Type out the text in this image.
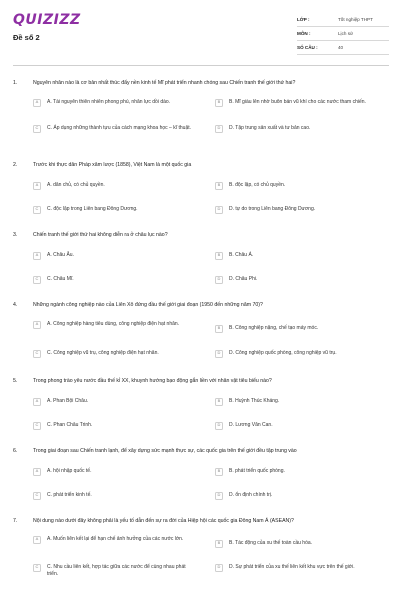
QUIZIZZ
Đề số 2
LỚP :	Tốt nghiệp THPT
MÔN :	Lịch sử
SỐ CÂU :	40
1.	Nguyên nhân nào là cơ bản nhất thúc đẩy nền kinh tế Mĩ phát triển nhanh chóng sau Chiến tranh thế giới thứ hai?
A	A. Tài nguyên thiên nhiên phong phú, nhân lực dồi dào.	B	B. Mĩ giàu lên nhờ buôn bán vũ khí cho các nước tham chiến.
C	C. Áp dụng những thành tựu của cách mạng khoa học – kĩ thuật.	D	D. Tập trung sản xuất và tư bản cao.
2.	Trước khi thực dân Pháp xâm lược (1858), Việt Nam là một quốc gia
A	A. dân chủ, có chủ quyền.	B	B. độc lập, có chủ quyền.
C	C. độc lập trong Liên bang Đông Dương.	D	D. tự do trong Liên bang Đông Dương.
3.	Chiến tranh thế giới thứ hai không diễn ra ở châu lục nào?
A	A. Châu Âu.	B	B. Châu Á.
C	C. Châu Mĩ.	D	D. Châu Phi.
4.	Những ngành công nghiệp nào của Liên Xô đứng đầu thế giới giai đoạn (1950 đến những năm 70)?
A	A. Công nghiệp hàng tiêu dùng, công nghiệp điện hạt nhân.
B	B. Công nghiệp nặng, chế tạo máy móc.
C	C. Công nghiệp vũ trụ, công nghiệp điện hạt nhân.	D	D. Công nghiệp quốc phòng, công nghiệp vũ trụ.
5.	Trong phong trào yêu nước đầu thế kỉ XX, khuynh hướng bạo động gắn liền với nhân vật tiêu biểu nào?
A	A. Phan Bội Châu.	B	B. Huỳnh Thúc Kháng.
C	C. Phan Châu Trinh.	D	D. Lương Văn Can.
6.	Trong giai đoạn sau Chiến tranh lạnh, để xây dựng sức mạnh thực sự, các quốc gia trên thế giới đều tập trung vào
A	A. hội nhập quốc tế.	B	B. phát triển quốc phòng.
C	C. phát triển kinh tế.	D	D. ổn định chính trị.
7.	Nội dung nào dưới đây không phải là yếu tố dẫn đến sự ra đời của Hiệp hội các quốc gia Đông Nam Á (ASEAN)?
A	A. Muốn liên kết lại để hạn chế ảnh hưởng của các nước lớn.
B	B. Tác động của xu thế toàn cầu hóa.
C	C. Nhu cầu liên kết, hợp tác giữa các nước để cùng nhau phát triển.
D	D. Sự phát triển của xu thế liên kết khu vực trên thế giới.
